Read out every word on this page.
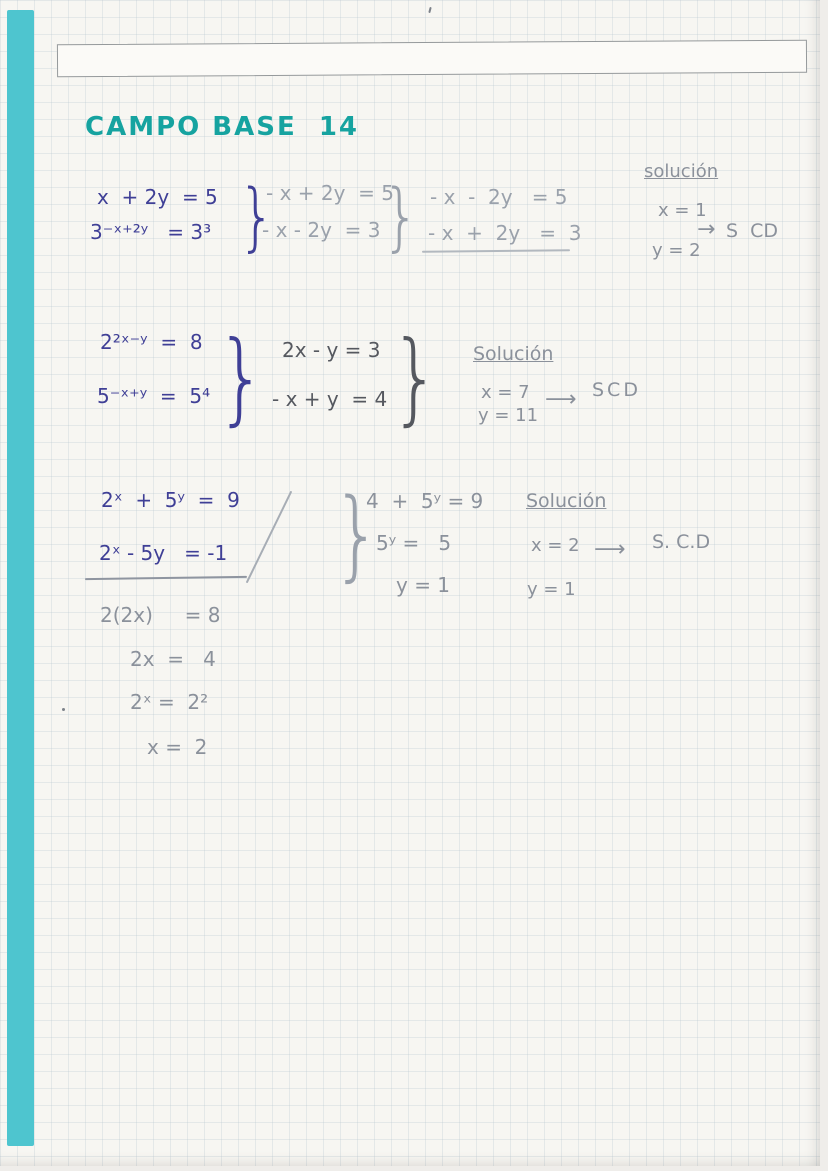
CAMPO BASE  14
x  + 2y  = 5
3⁻ˣ⁺²ʸ   = 3³ }
- x + 2y  = 5
- x - 2y  = 3 } - x  -  2y   = 5
- x  +  2y   =  3
solución
x = 1
→ S  CD
y = 2
2²ˣ⁻ʸ  =  8
5⁻ˣ⁺ʸ  =  5⁴ } 2x - y = 3
- x + y  = 4 } Solución
x = 7 ⟶ SCD
y = 11
2ˣ  +  5ʸ  =  9
2ˣ - 5y   = -1 }
4  +  5ʸ = 9
5ʸ =   5
y = 1
Solución
x = 2 ⟶ S. C.D
y = 1
2(2x)     = 8
2x  =   4
2ˣ =  2²
x =  2
